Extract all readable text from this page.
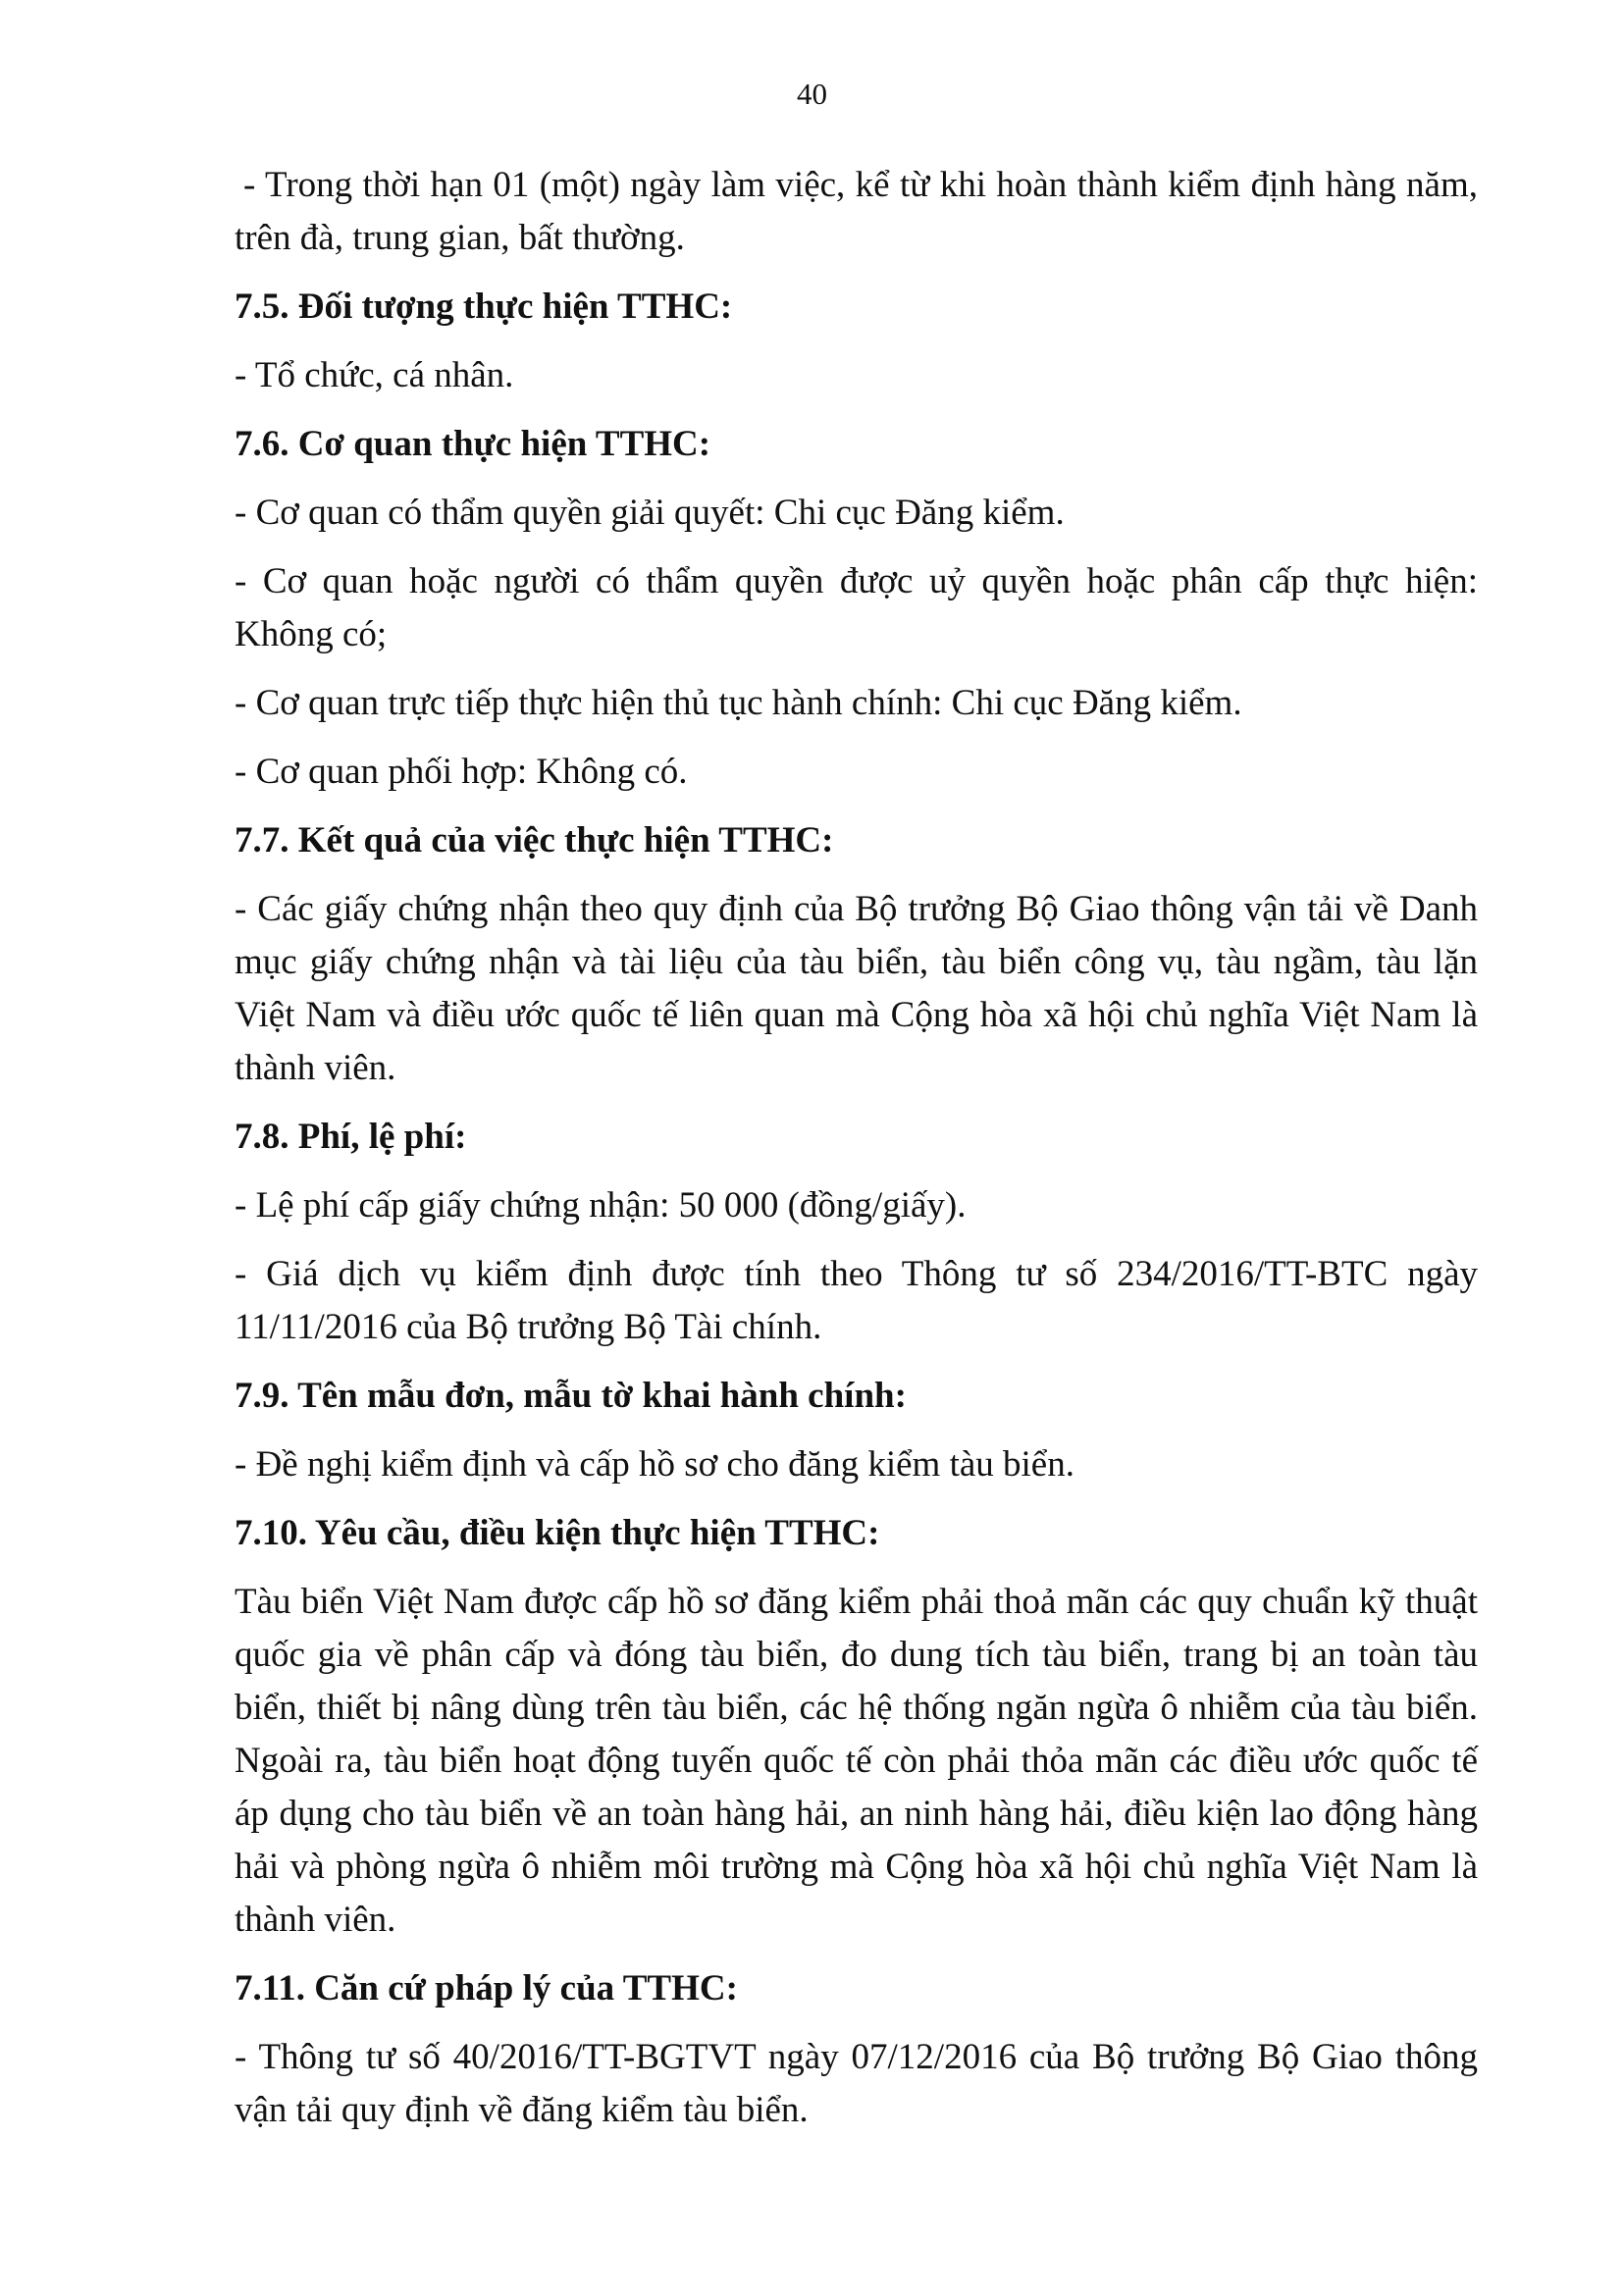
40

- Trong thời hạn 01 (một) ngày làm việc, kể từ khi hoàn thành kiểm định hàng năm, trên đà, trung gian, bất thường.

7.5. Đối tượng thực hiện TTHC:

- Tổ chức, cá nhân.

7.6. Cơ quan thực hiện TTHC:

- Cơ quan có thẩm quyền giải quyết: Chi cục Đăng kiểm.

- Cơ quan hoặc người có thẩm quyền được uỷ quyền hoặc phân cấp thực hiện: Không có;

- Cơ quan trực tiếp thực hiện thủ tục hành chính: Chi cục Đăng kiểm.

- Cơ quan phối hợp: Không có.

7.7. Kết quả của việc thực hiện TTHC:

- Các giấy chứng nhận theo quy định của Bộ trưởng Bộ Giao thông vận tải về Danh mục giấy chứng nhận và tài liệu của tàu biển, tàu biển công vụ, tàu ngầm, tàu lặn Việt Nam và điều ước quốc tế liên quan mà Cộng hòa xã hội chủ nghĩa Việt Nam là thành viên.

7.8. Phí, lệ phí:

- Lệ phí cấp giấy chứng nhận: 50 000 (đồng/giấy).

- Giá dịch vụ kiểm định được tính theo Thông tư số 234/2016/TT-BTC ngày 11/11/2016 của Bộ trưởng Bộ Tài chính.

7.9. Tên mẫu đơn, mẫu tờ khai hành chính:

- Đề nghị kiểm định và cấp hồ sơ cho đăng kiểm tàu biển.

7.10. Yêu cầu, điều kiện thực hiện TTHC:

Tàu biển Việt Nam được cấp hồ sơ đăng kiểm phải thoả mãn các quy chuẩn kỹ thuật quốc gia về phân cấp và đóng tàu biển, đo dung tích tàu biển, trang bị an toàn tàu biển, thiết bị nâng dùng trên tàu biển, các hệ thống ngăn ngừa ô nhiễm của tàu biển. Ngoài ra, tàu biển hoạt động tuyến quốc tế còn phải thỏa mãn các điều ước quốc tế áp dụng cho tàu biển về an toàn hàng hải, an ninh hàng hải, điều kiện lao động hàng hải và phòng ngừa ô nhiễm môi trường mà Cộng hòa xã hội chủ nghĩa Việt Nam là thành viên.

7.11. Căn cứ pháp lý của TTHC:

- Thông tư số 40/2016/TT-BGTVT ngày 07/12/2016 của Bộ trưởng Bộ Giao thông vận tải quy định về đăng kiểm tàu biển.
